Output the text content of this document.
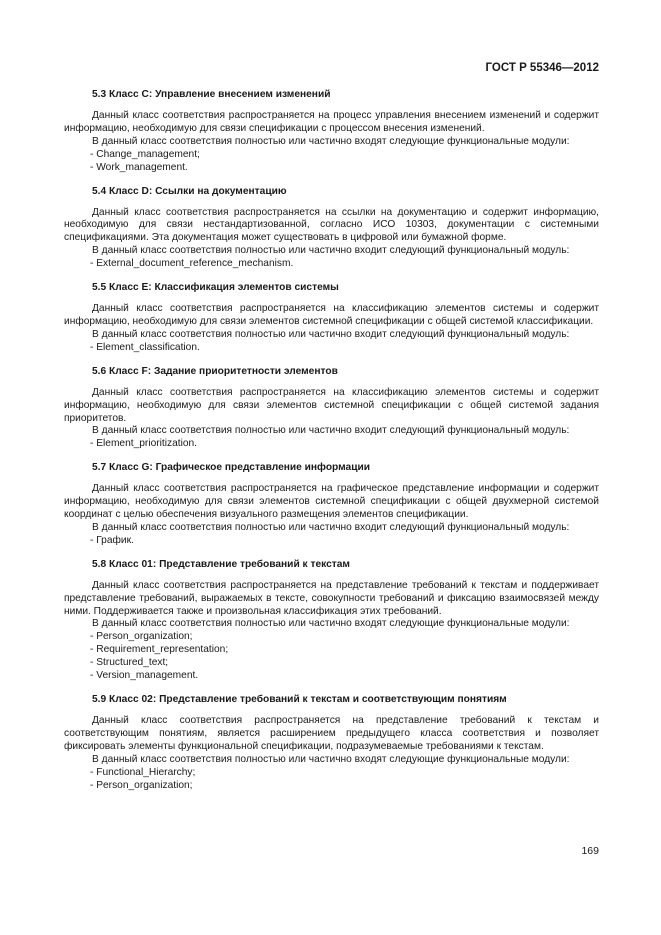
ГОСТ Р 55346—2012
5.3 Класс С: Управление внесением изменений

Данный класс соответствия распространяется на процесс управления внесением изменений и содержит информацию, необходимую для связи спецификации с процессом внесения изменений.

В данный класс соответствия полностью или частично входят следующие функциональные модули:

- Change_management;
- Work_management.
5.4 Класс D: Ссылки на документацию

Данный класс соответствия распространяется на ссылки на документацию и содержит информацию, необходимую для связи нестандартизованной, согласно ИСО 10303, документации с системными спецификациями. Эта документация может существовать в цифровой или бумажной форме.

В данный класс соответствия полностью или частично входит следующий функциональный модуль:

- External_document_reference_mechanism.
5.5 Класс Е: Классификация элементов системы

Данный класс соответствия распространяется на классификацию элементов системы и содержит информацию, необходимую для связи элементов системной спецификации с общей системой классификации.

В данный класс соответствия полностью или частично входит следующий функциональный модуль:

- Element_classification.
5.6 Класс F: Задание приоритетности элементов

Данный класс соответствия распространяется на классификацию элементов системы и содержит информацию, необходимую для связи элементов системной спецификации с общей системой задания приоритетов.

В данный класс соответствия полностью или частично входит следующий функциональный модуль:

- Element_prioritization.
5.7 Класс G: Графическое представление информации

Данный класс соответствия распространяется на графическое представление информации и содержит информацию, необходимую для связи элементов системной спецификации с общей двухмерной системой координат с целью обеспечения визуального размещения элементов спецификации.

В данный класс соответствия полностью или частично входит следующий функциональный модуль:

- График.
5.8 Класс 01: Представление требований к текстам

Данный класс соответствия распространяется на представление требований к текстам и поддерживает представление требований, выражаемых в тексте, совокупности требований и фиксацию взаимосвязей между ними. Поддерживается также и произвольная классификация этих требований.

В данный класс соответствия полностью или частично входят следующие функциональные модули:

- Person_organization;
- Requirement_representation;
- Structured_text;
- Version_management.
5.9 Класс 02: Представление требований к текстам и соответствующим понятиям

Данный класс соответствия распространяется на представление требований к текстам и соответствующим понятиям, является расширением предыдущего класса соответствия и позволяет фиксировать элементы функциональной спецификации, подразумеваемые требованиями к текстам.

В данный класс соответствия полностью или частично входят следующие функциональные модули:

- Functional_Hierarchy;
- Person_organization;
169
